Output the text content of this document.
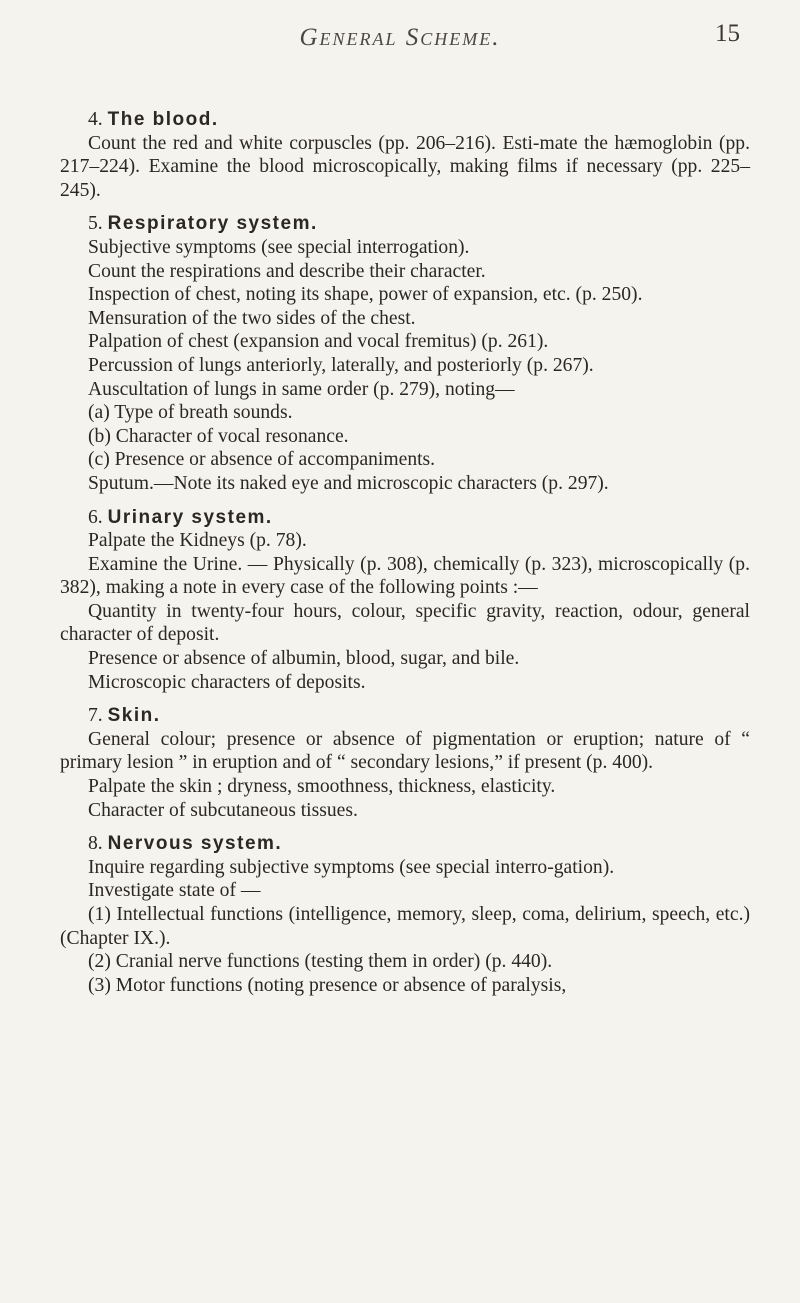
General Scheme.	15

4. The blood.

Count the red and white corpuscles (pp. 206–216). Esti-mate the hæmoglobin (pp. 217–224). Examine the blood microscopically, making films if necessary (pp. 225–245).

5. Respiratory system.

Subjective symptoms (see special interrogation).

Count the respirations and describe their character.

Inspection of chest, noting its shape, power of expansion, etc. (p. 250).

Mensuration of the two sides of the chest.

Palpation of chest (expansion and vocal fremitus) (p. 261).

Percussion of lungs anteriorly, laterally, and posteriorly (p. 267).

Auscultation of lungs in same order (p. 279), noting—

(a) Type of breath sounds.

(b) Character of vocal resonance.

(c) Presence or absence of accompaniments.

Sputum.—Note its naked eye and microscopic characters (p. 297).

6. Urinary system.

Palpate the Kidneys (p. 78).

Examine the Urine. — Physically (p. 308), chemically (p. 323), microscopically (p. 382), making a note in every case of the following points :—

Quantity in twenty-four hours, colour, specific gravity, reaction, odour, general character of deposit.

Presence or absence of albumin, blood, sugar, and bile.

Microscopic characters of deposits.

7. Skin.

General colour; presence or absence of pigmentation or eruption; nature of “ primary lesion ” in eruption and of “ secondary lesions,” if present (p. 400).

Palpate the skin ; dryness, smoothness, thickness, elasticity.

Character of subcutaneous tissues.

8. Nervous system.

Inquire regarding subjective symptoms (see special interro-gation).

Investigate state of —

(1) Intellectual functions (intelligence, memory, sleep, coma, delirium, speech, etc.) (Chapter IX.).

(2) Cranial nerve functions (testing them in order) (p. 440).

(3) Motor functions (noting presence or absence of paralysis,
